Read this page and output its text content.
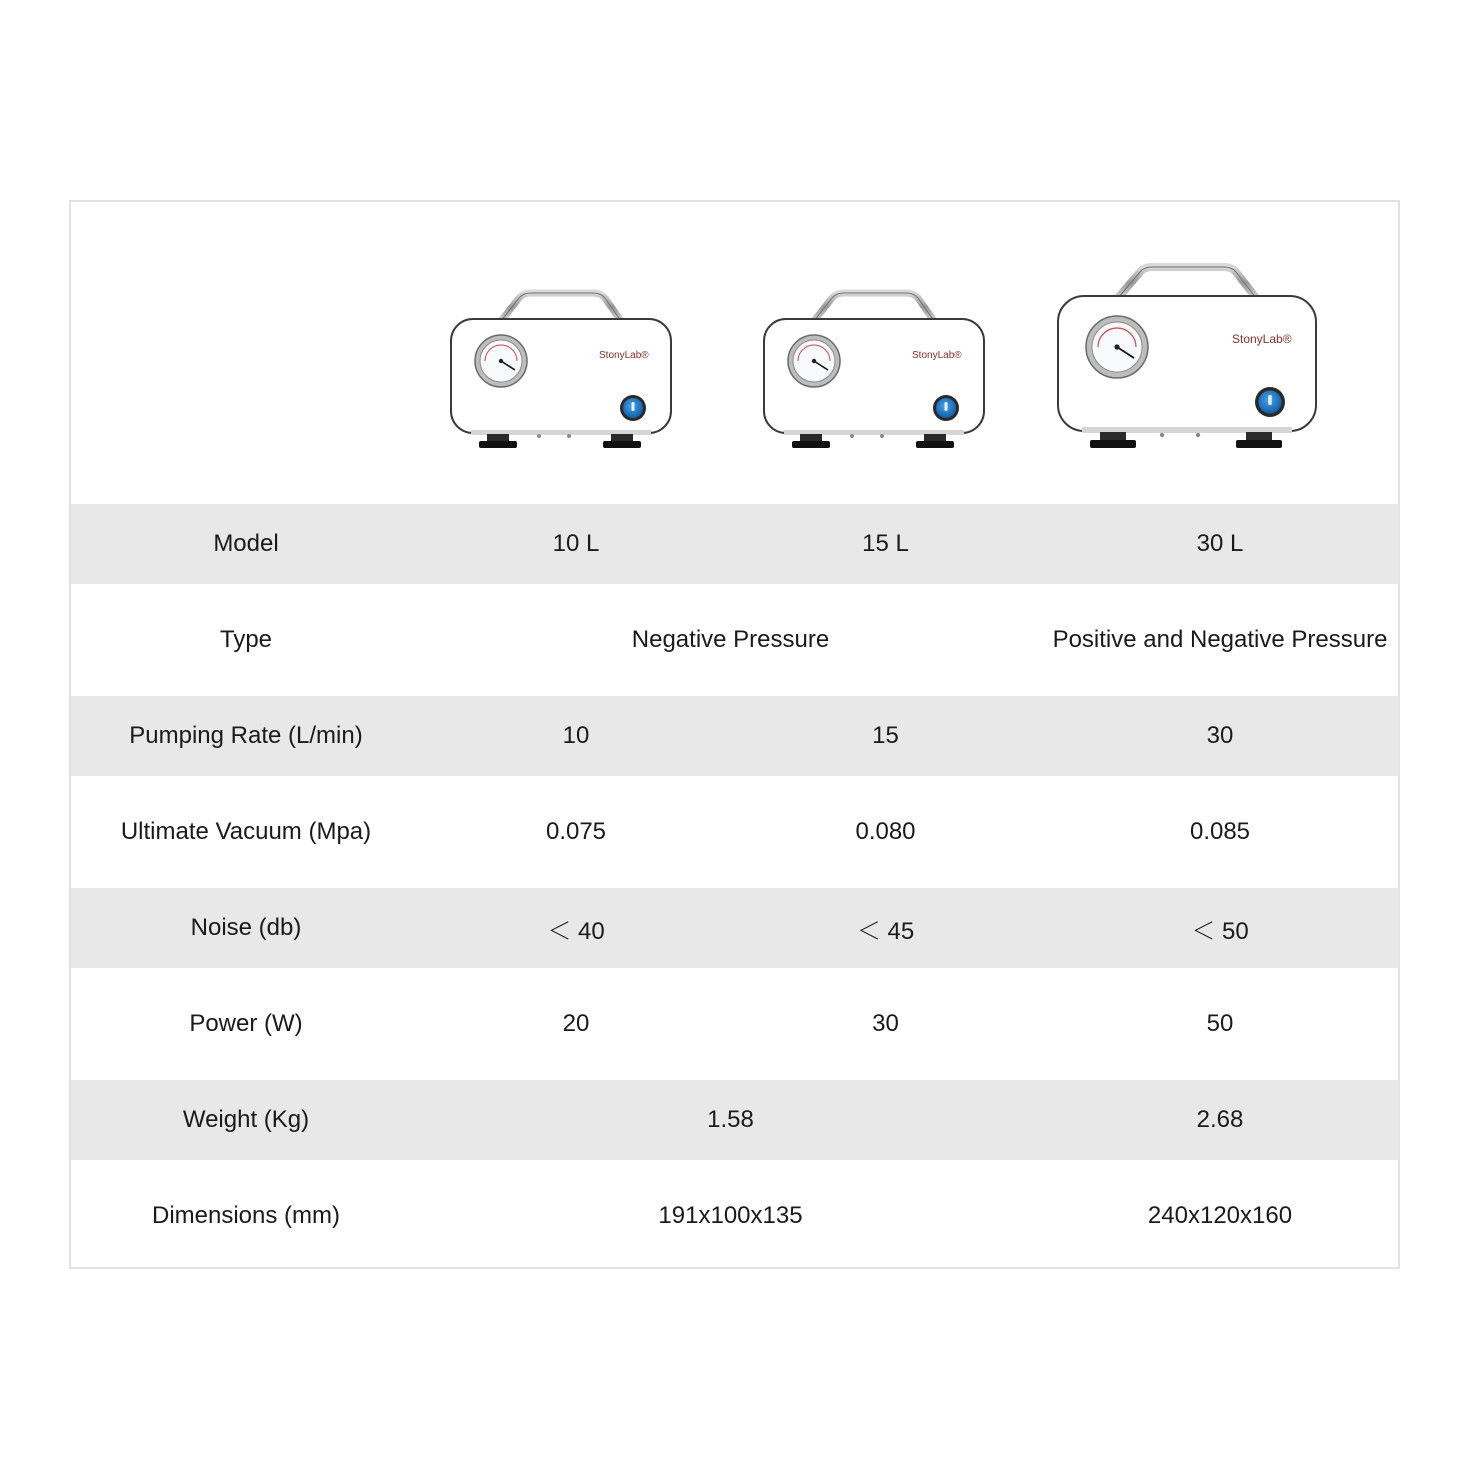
StonyLab®	StonyLab®
StonyLab®
Model	10 L	15 L	30 L
Type	Negative Pressure		Positive and Negative Pressure
Pumping Rate (L/min)	10	15	30
Ultimate Vacuum (Mpa)	0.075	0.080	0.085
Noise (db)	＜ 40	＜ 45	＜ 50
Power (W)	20	30	50
Weight (Kg)	1.58		2.68
Dimensions (mm)	191x100x135		240x120x160
